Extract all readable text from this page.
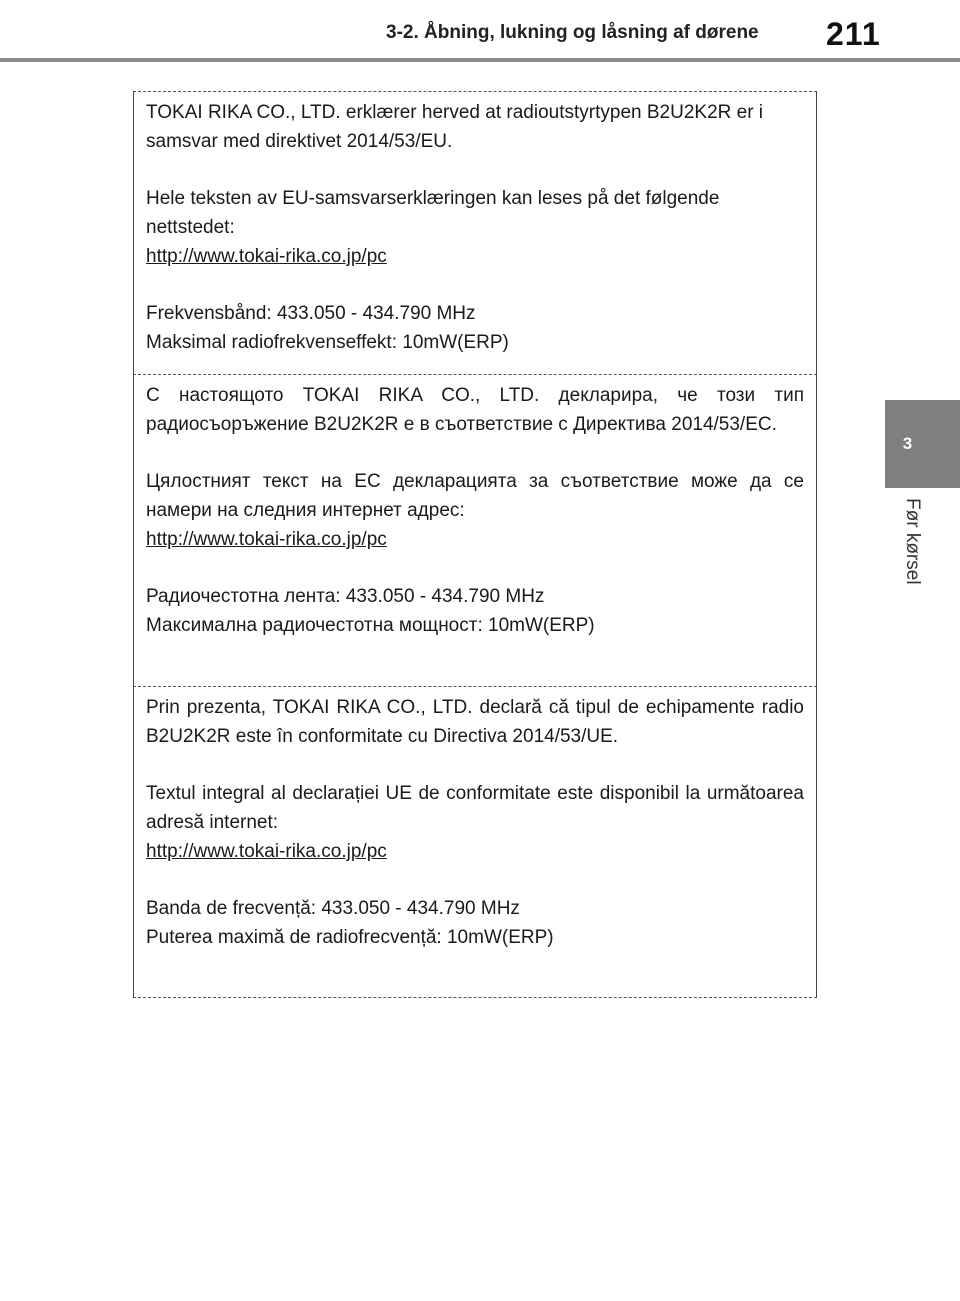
3-2. Åbning, lukning og låsning af dørene 211
3
Før kørsel

TOKAI RIKA CO., LTD. erklærer herved at radioutstyrtypen B2U2K2R er i samsvar med direktivet 2014/53/EU.

Hele teksten av EU-samsvarserklæringen kan leses på det følgende nettstedet:
http://www.tokai-rika.co.jp/pc

Frekvensbånd: 433.050 - 434.790 MHz
Maksimal radiofrekvenseffekt: 10mW(ERP)

С настоящото TOKAI RIKA CO., LTD. декларира, че този тип радиосъоръжение B2U2K2R е в съответствие с Директива 2014/53/ЕС.

Цялостният текст на ЕС декларацията за съответствие може да се намери на следния интернет адрес:
http://www.tokai-rika.co.jp/pc

Радиочестотна лента: 433.050 - 434.790 MHz
Максимална радиочестотна мощност: 10mW(ERP)

Prin prezenta, TOKAI RIKA CO., LTD. declară că tipul de echipamente radio B2U2K2R este în conformitate cu Directiva 2014/53/UE.

Textul integral al declarației UE de conformitate este disponibil la următoarea adresă internet:
http://www.tokai-rika.co.jp/pc

Banda de frecvență: 433.050 - 434.790 MHz
Puterea maximă de radiofrecvență: 10mW(ERP)
